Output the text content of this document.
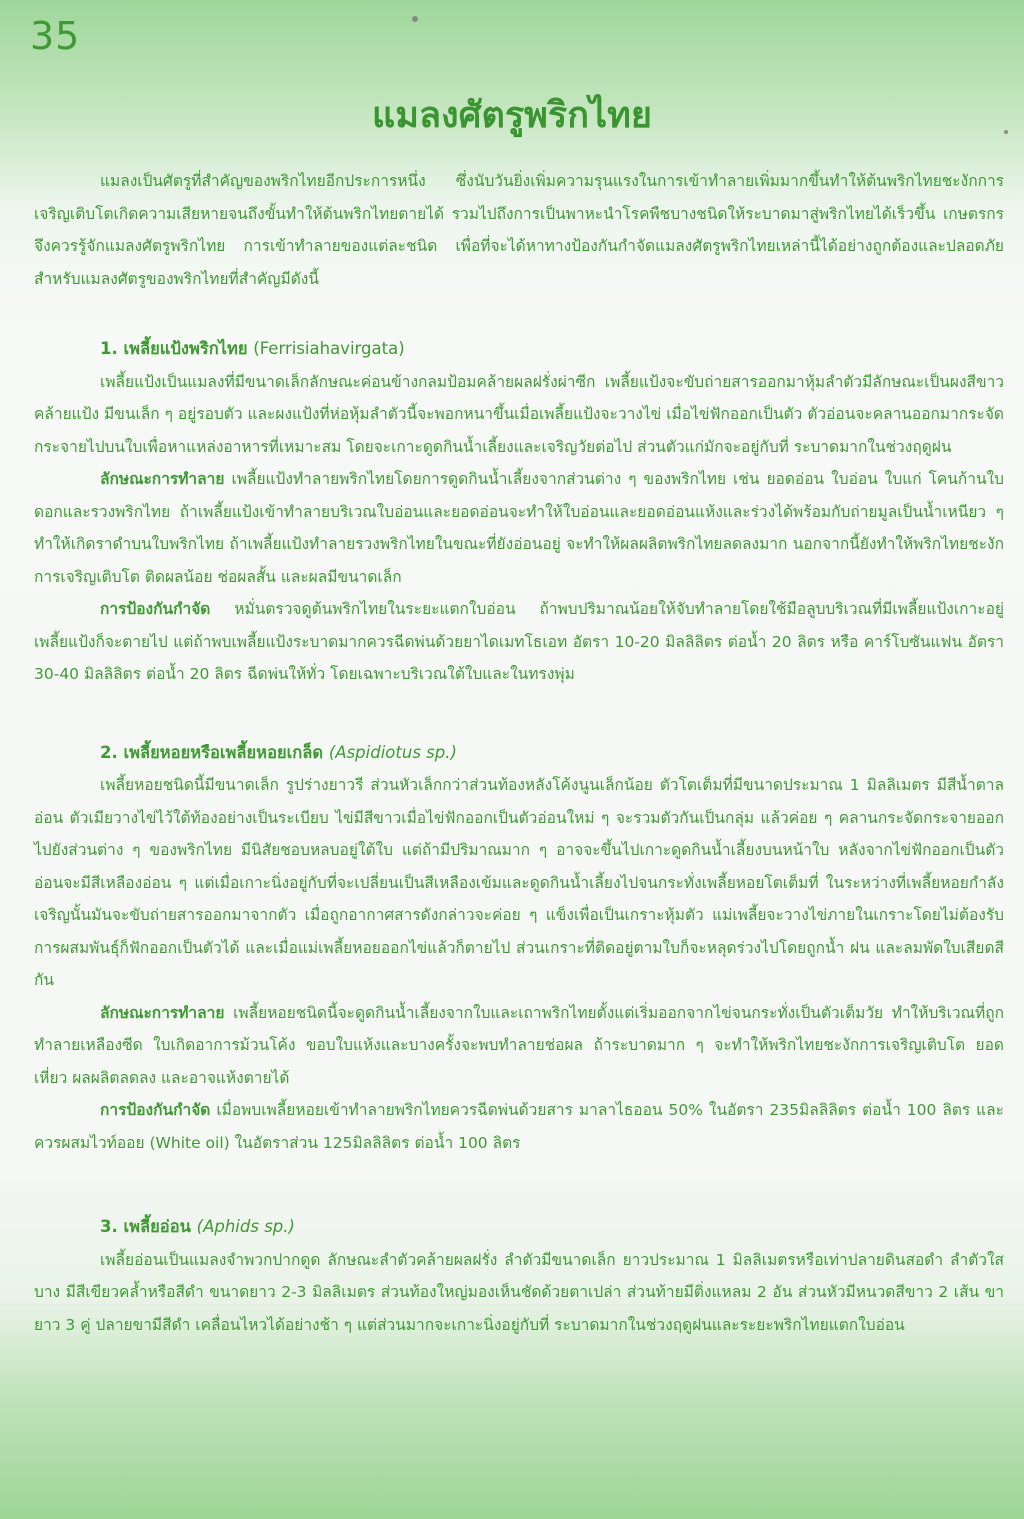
35
แมลงศัตรูพริกไทย

แมลงเป็นศัตรูที่สำคัญของพริกไทยอีกประการหนึ่ง ซึ่งนับวันยิ่งเพิ่มความรุนแรงในการเข้าทำลายเพิ่มมากขึ้นทำให้ต้นพริกไทยชะงักการเจริญเติบโตเกิดความเสียหายจนถึงขั้นทำให้ต้นพริกไทยตายได้ รวมไปถึงการเป็นพาหะนำโรคพืชบางชนิดให้ระบาดมาสู่พริกไทยได้เร็วขึ้น เกษตรกรจึงควรรู้จักแมลงศัตรูพริกไทย การเข้าทำลายของแต่ละชนิด เพื่อที่จะได้หาทางป้องกันกำจัดแมลงศัตรูพริกไทยเหล่านี้ได้อย่างถูกต้องและปลอดภัย สำหรับแมลงศัตรูของพริกไทยที่สำคัญมีดังนี้

1. เพลี้ยแป้งพริกไทย (Ferrisiahavirgata)

เพลี้ยแป้งเป็นแมลงที่มีขนาดเล็กลักษณะค่อนข้างกลมป้อมคล้ายผลฝรั่งผ่าซีก เพลี้ยแป้งจะขับถ่ายสารออกมาหุ้มลำตัวมีลักษณะเป็นผงสีขาวคล้ายแป้ง มีขนเล็ก ๆ อยู่รอบตัว และผงแป้งที่ห่อหุ้มลำตัวนี้จะพอกหนาขึ้นเมื่อเพลี้ยแป้งจะวางไข่ เมื่อไข่ฟักออกเป็นตัว ตัวอ่อนจะคลานออกมากระจัดกระจายไปบนใบเพื่อหาแหล่งอาหารที่เหมาะสม โดยจะเกาะดูดกินน้ำเลี้ยงและเจริญวัยต่อไป ส่วนตัวแก่มักจะอยู่กับที่ ระบาดมากในช่วงฤดูฝน

ลักษณะการทำลาย เพลี้ยแป้งทำลายพริกไทยโดยการดูดกินน้ำเลี้ยงจากส่วนต่าง ๆ ของพริกไทย เช่น ยอดอ่อน ใบอ่อน ใบแก่ โคนก้านใบ ดอกและรวงพริกไทย ถ้าเพลี้ยแป้งเข้าทำลายบริเวณใบอ่อนและยอดอ่อนจะทำให้ใบอ่อนและยอดอ่อนแห้งและร่วงได้พร้อมกับถ่ายมูลเป็นน้ำเหนียว ๆ ทำให้เกิดราดำบนใบพริกไทย ถ้าเพลี้ยแป้งทำลายรวงพริกไทยในขณะที่ยังอ่อนอยู่ จะทำให้ผลผลิตพริกไทยลดลงมาก นอกจากนี้ยังทำให้พริกไทยชะงักการเจริญเติบโต ติดผลน้อย ช่อผลสั้น และผลมีขนาดเล็ก

การป้องกันกำจัด หมั่นตรวจดูต้นพริกไทยในระยะแตกใบอ่อน ถ้าพบปริมาณน้อยให้จับทำลายโดยใช้มือลูบบริเวณที่มีเพลี้ยแป้งเกาะอยู่ เพลี้ยแป้งก็จะตายไป แต่ถ้าพบเพลี้ยแป้งระบาดมากควรฉีดพ่นด้วยยาไดเมทโธเอท อัตรา 10-20 มิลลิลิตร ต่อน้ำ 20 ลิตร หรือ คาร์โบซันแฟน อัตรา 30-40 มิลลิลิตร ต่อน้ำ 20 ลิตร ฉีดพ่นให้ทั่ว โดยเฉพาะบริเวณใต้ใบและในทรงพุ่ม

2. เพลี้ยหอยหรือเพลี้ยหอยเกล็ด (Aspidiotus sp.)

เพลี้ยหอยชนิดนี้มีขนาดเล็ก รูปร่างยาวรี ส่วนหัวเล็กกว่าส่วนท้องหลังโค้งนูนเล็กน้อย ตัวโตเต็มที่มีขนาดประมาณ 1 มิลลิเมตร มีสีน้ำตาลอ่อน ตัวเมียวางไข่ไว้ใต้ท้องอย่างเป็นระเบียบ ไข่มีสีขาวเมื่อไข่ฟักออกเป็นตัวอ่อนใหม่ ๆ จะรวมตัวกันเป็นกลุ่ม แล้วค่อย ๆ คลานกระจัดกระจายออกไปยังส่วนต่าง ๆ ของพริกไทย มีนิสัยชอบหลบอยู่ใต้ใบ แต่ถ้ามีปริมาณมาก ๆ อาจจะขึ้นไปเกาะดูดกินน้ำเลี้ยงบนหน้าใบ หลังจากไข่ฟักออกเป็นตัวอ่อนจะมีสีเหลืองอ่อน ๆ แต่เมื่อเกาะนิ่งอยู่กับที่จะเปลี่ยนเป็นสีเหลืองเข้มและดูดกินน้ำเลี้ยงไปจนกระทั่งเพลี้ยหอยโตเต็มที่ ในระหว่างที่เพลี้ยหอยกำลังเจริญนั้นมันจะขับถ่ายสารออกมาจากตัว เมื่อถูกอากาศสารดังกล่าวจะค่อย ๆ แข็งเพื่อเป็นเกราะหุ้มตัว แม่เพลี้ยจะวางไข่ภายในเกราะโดยไม่ต้องรับการผสมพันธุ์ก็ฟักออกเป็นตัวได้ และเมื่อแม่เพลี้ยหอยออกไข่แล้วก็ตายไป ส่วนเกราะที่ติดอยู่ตามใบก็จะหลุดร่วงไปโดยถูกน้ำ ฝน และลมพัดใบเสียดสีกัน

ลักษณะการทำลาย เพลี้ยหอยชนิดนี้จะดูดกินน้ำเลี้ยงจากใบและเถาพริกไทยตั้งแต่เริ่มออกจากไข่จนกระทั่งเป็นตัวเต็มวัย ทำให้บริเวณที่ถูกทำลายเหลืองซีด ใบเกิดอาการม้วนโค้ง ขอบใบแห้งและบางครั้งจะพบทำลายช่อผล ถ้าระบาดมาก ๆ จะทำให้พริกไทยชะงักการเจริญเติบโต ยอดเหี่ยว ผลผลิตลดลง และอาจแห้งตายได้

การป้องกันกำจัด เมื่อพบเพลี้ยหอยเข้าทำลายพริกไทยควรฉีดพ่นด้วยสาร มาลาไธออน 50% ในอัตรา 235มิลลิลิตร ต่อน้ำ 100 ลิตร และควรผสมไวท์ออย (White oil) ในอัตราส่วน 125มิลลิลิตร ต่อน้ำ 100 ลิตร

3. เพลี้ยอ่อน (Aphids sp.)

เพลี้ยอ่อนเป็นแมลงจำพวกปากดูด ลักษณะลำตัวคล้ายผลฝรั่ง ลำตัวมีขนาดเล็ก ยาวประมาณ 1 มิลลิเมตรหรือเท่าปลายดินสอดำ ลำตัวใสบาง มีสีเขียวคล้ำหรือสีดำ ขนาดยาว 2-3 มิลลิเมตร ส่วนท้องใหญ่มองเห็นชัดด้วยตาเปล่า ส่วนท้ายมีติ่งแหลม 2 อัน ส่วนหัวมีหนวดสีขาว 2 เส้น ขายาว 3 คู่ ปลายขามีสีดำ เคลื่อนไหวได้อย่างช้า ๆ แต่ส่วนมากจะเกาะนิ่งอยู่กับที่ ระบาดมากในช่วงฤดูฝนและระยะพริกไทยแตกใบอ่อน
